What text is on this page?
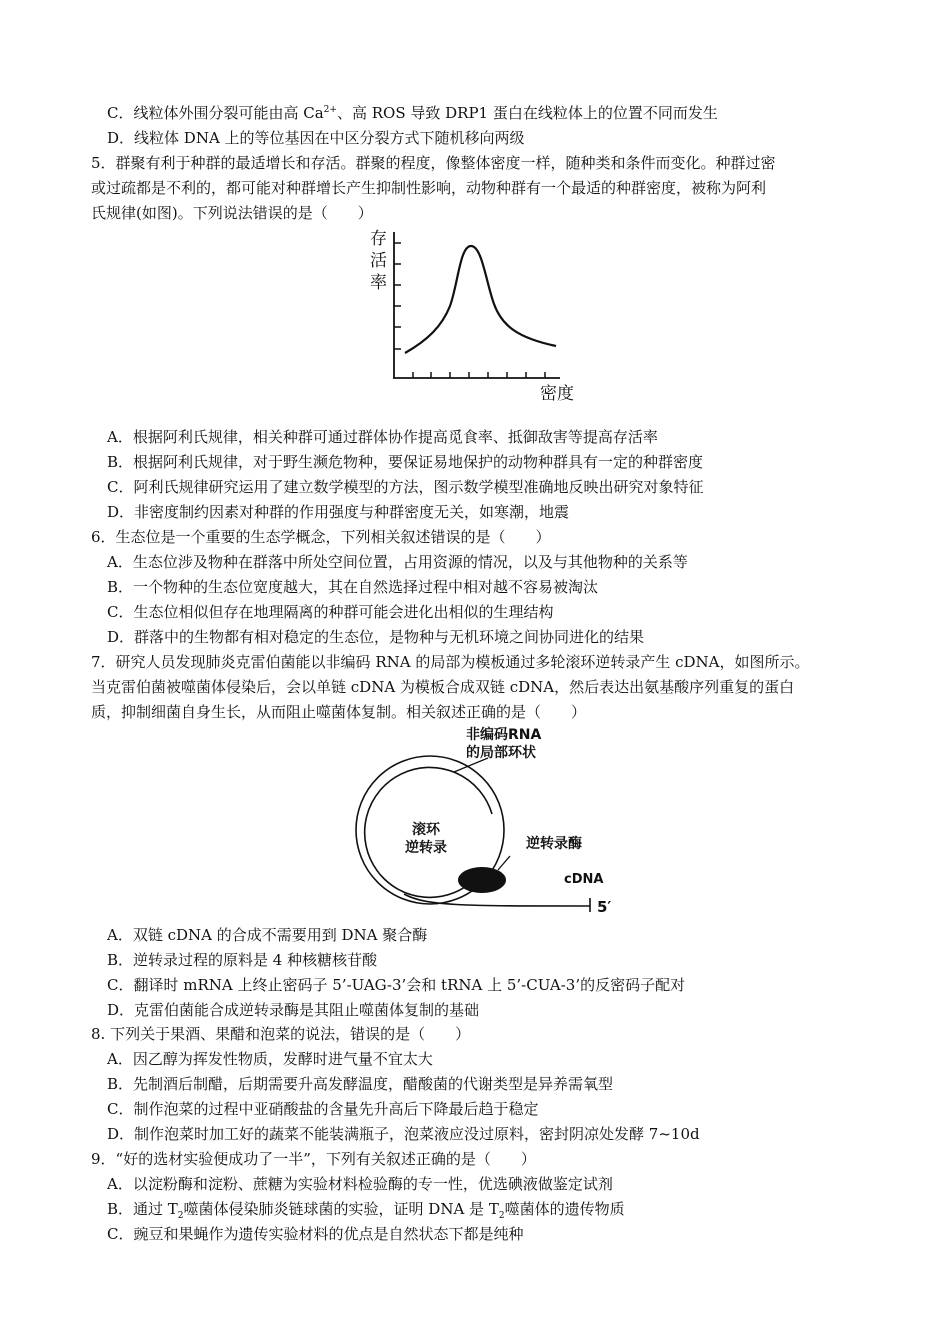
C．线粒体外围分裂可能由高 $Ca^{2+}$、高 ROS 导致 DRP1 蛋白在线粒体上的位置不同而发生
D．线粒体 DNA 上的等位基因在中区分裂方式下随机移向两级
5．群聚有利于种群的最适增长和存活。群聚的程度，像整体密度一样，随种类和条件而变化。种群过密
或过疏都是不利的，都可能对种群增长产生抑制性影响，动物种群有一个最适的种群密度，被称为阿利
氏规律(如图)。下列说法错误的是（　　）
存
活
率
密度
A．根据阿利氏规律，相关种群可通过群体协作提高觅食率、抵御敌害等提高存活率
B．根据阿利氏规律，对于野生濒危物种，要保证易地保护的动物种群具有一定的种群密度
C．阿利氏规律研究运用了建立数学模型的方法，图示数学模型准确地反映出研究对象特征
D．非密度制约因素对种群的作用强度与种群密度无关，如寒潮，地震
6．生态位是一个重要的生态学概念，下列相关叙述错误的是（　　）
A．生态位涉及物种在群落中所处空间位置，占用资源的情况，以及与其他物种的关系等
B．一个物种的生态位宽度越大，其在自然选择过程中相对越不容易被淘汰
C．生态位相似但存在地理隔离的种群可能会进化出相似的生理结构
D．群落中的生物都有相对稳定的生态位，是物种与无机环境之间协同进化的结果
7．研究人员发现肺炎克雷伯菌能以非编码 RNA 的局部为模板通过多轮滚环逆转录产生 cDNA，如图所示。
当克雷伯菌被噬菌体侵染后，会以单链 cDNA 为模板合成双链 cDNA，然后表达出氨基酸序列重复的蛋白
质，抑制细菌自身生长，从而阻止噬菌体复制。相关叙述正确的是（　　）
非编码RNA
的局部环状
滚环
逆转录	逆转录酶
cDNA
5′
A．双链 cDNA 的合成不需要用到 DNA 聚合酶
B．逆转录过程的原料是 4 种核糖核苷酸
C．翻译时 mRNA 上终止密码子 5’-UAG-3’会和 tRNA 上 5’-CUA-3’的反密码子配对
D．克雷伯菌能合成逆转录酶是其阻止噬菌体复制的基础
8. 下列关于果酒、果醋和泡菜的说法，错误的是（　　）
A．因乙醇为挥发性物质，发酵时进气量不宜太大
B．先制酒后制醋，后期需要升高发酵温度，醋酸菌的代谢类型是异养需氧型
C．制作泡菜的过程中亚硝酸盐的含量先升高后下降最后趋于稳定
D．制作泡菜时加工好的蔬菜不能装满瓶子，泡菜液应没过原料，密封阴凉处发酵 7~10d
9．“好的选材实验便成功了一半”，下列有关叙述正确的是（　　）
A．以淀粉酶和淀粉、蔗糖为实验材料检验酶的专一性，优选碘液做鉴定试剂
B．通过 $T_2$噬菌体侵染肺炎链球菌的实验，证明 DNA 是 $T_2$噬菌体的遗传物质
C．豌豆和果蝇作为遗传实验材料的优点是自然状态下都是纯种
